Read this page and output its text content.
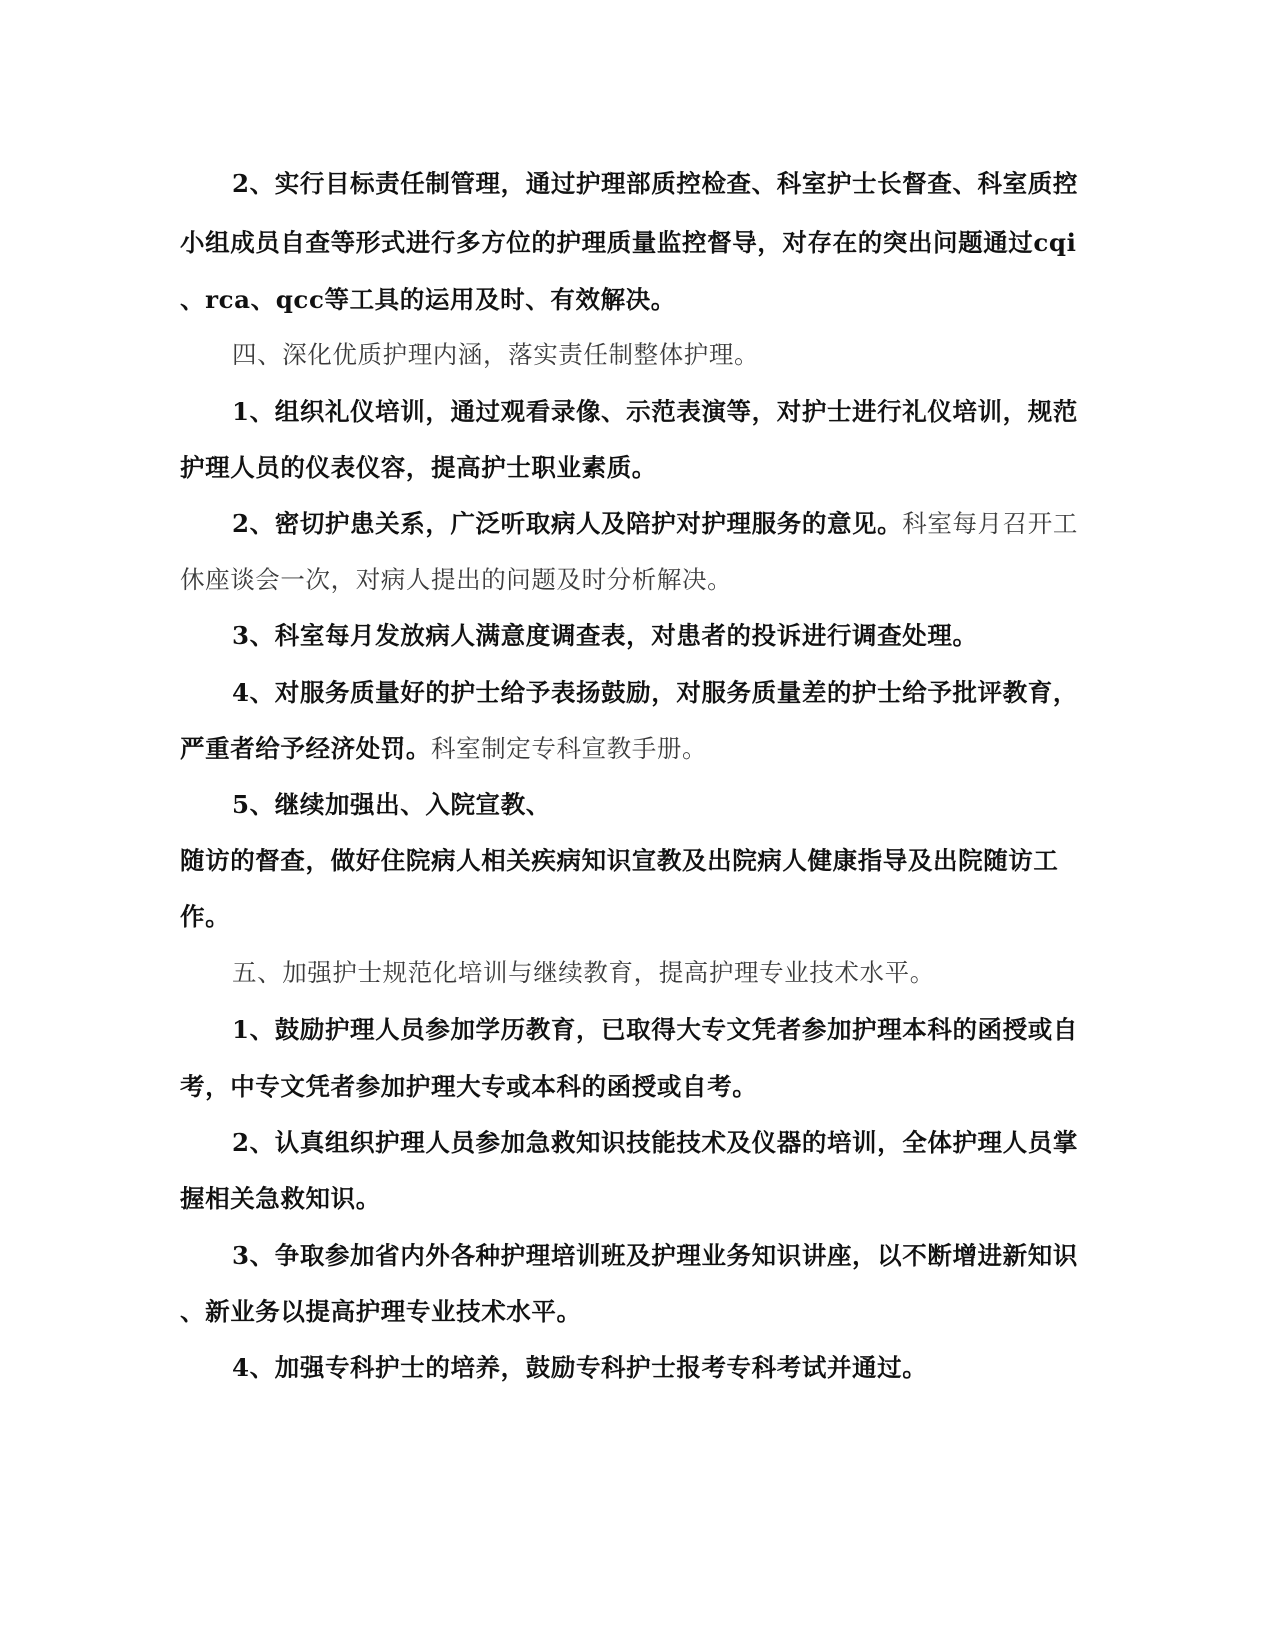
2、实行目标责任制管理，通过护理部质控检查、科室护士长督查、科室质控
小组成员自查等形式进行多方位的护理质量监控督导，对存在的突出问题通过cqi
、rca、qcc等工具的运用及时、有效解决。
四、深化优质护理内涵，落实责任制整体护理。
1、组织礼仪培训，通过观看录像、示范表演等，对护士进行礼仪培训，规范
护理人员的仪表仪容，提高护士职业素质。
2、密切护患关系，广泛听取病人及陪护对护理服务的意见。科室每月召开工
休座谈会一次，对病人提出的问题及时分析解决。
3、科室每月发放病人满意度调查表，对患者的投诉进行调查处理。
4、对服务质量好的护士给予表扬鼓励，对服务质量差的护士给予批评教育，
严重者给予经济处罚。科室制定专科宣教手册。
5、继续加强出、入院宣教、
随访的督查，做好住院病人相关疾病知识宣教及出院病人健康指导及出院随访工
作。
五、加强护士规范化培训与继续教育，提高护理专业技术水平。
1、鼓励护理人员参加学历教育，已取得大专文凭者参加护理本科的函授或自
考，中专文凭者参加护理大专或本科的函授或自考。
2、认真组织护理人员参加急救知识技能技术及仪器的培训，全体护理人员掌
握相关急救知识。
3、争取参加省内外各种护理培训班及护理业务知识讲座，以不断增进新知识
、新业务以提高护理专业技术水平。
4、加强专科护士的培养，鼓励专科护士报考专科考试并通过。
